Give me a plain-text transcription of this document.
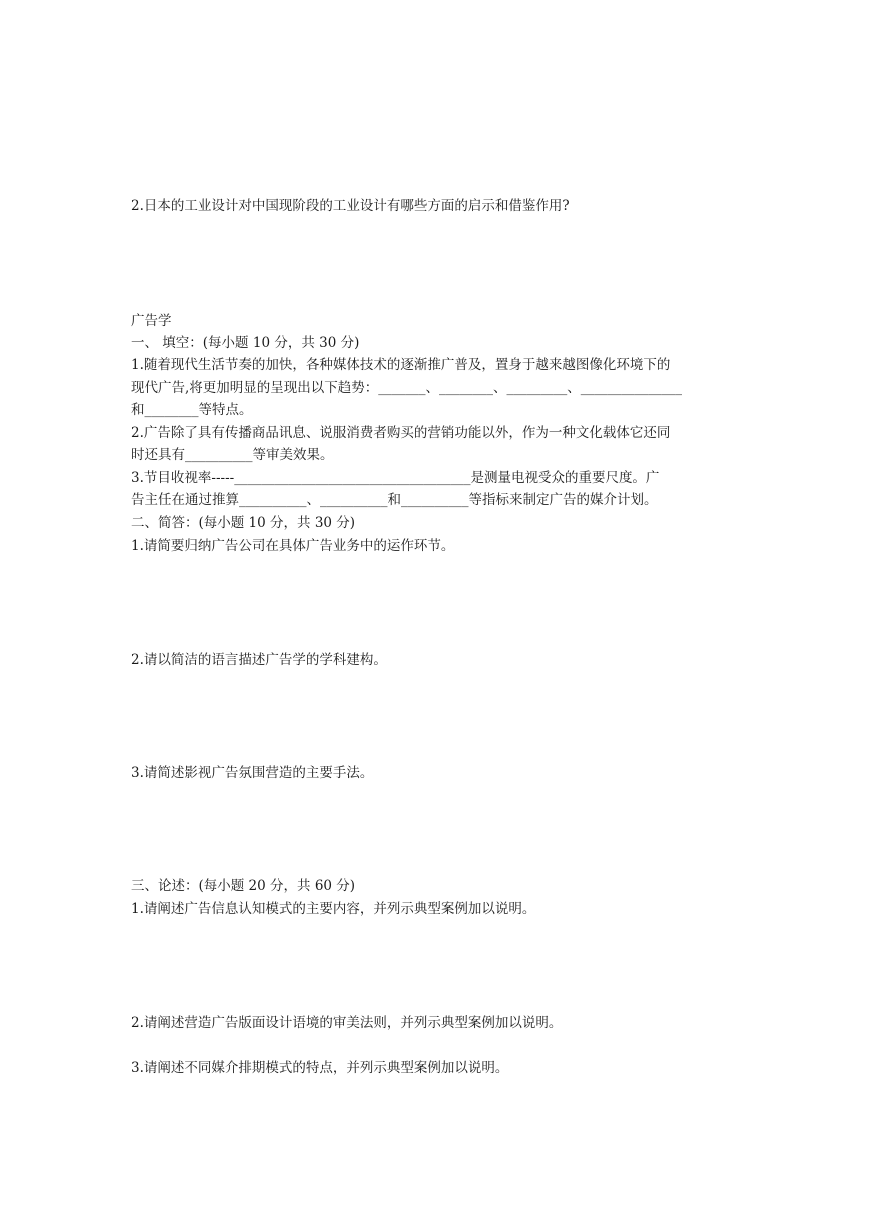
2.日本的工业设计对中国现阶段的工业设计有哪些方面的启示和借鉴作用?

广告学

一、 填空：(每小题 10 分，共 30 分)

1.随着现代生活节奏的加快，各种媒体技术的逐渐推广普及，置身于越来越图像化环境下的

现代广告,将更加明显的呈现出以下趋势：_______、________、_________、_______________

和________等特点。

2.广告除了具有传播商品讯息、说服消费者购买的营销功能以外，作为一种文化载体它还同

时还具有__________等审美效果。

3.节目收视率-----___________________________________是测量电视受众的重要尺度。广

告主任在通过推算__________、__________和__________等指标来制定广告的媒介计划。

二、简答：(每小题 10 分，共 30 分)

1.请简要归纳广告公司在具体广告业务中的运作环节。

2.请以简洁的语言描述广告学的学科建构。

3.请简述影视广告氛围营造的主要手法。

三、论述：(每小题 20 分，共 60 分)

1.请阐述广告信息认知模式的主要内容，并列示典型案例加以说明。

2.请阐述营造广告版面设计语境的审美法则，并列示典型案例加以说明。

3.请阐述不同媒介排期模式的特点，并列示典型案例加以说明。
